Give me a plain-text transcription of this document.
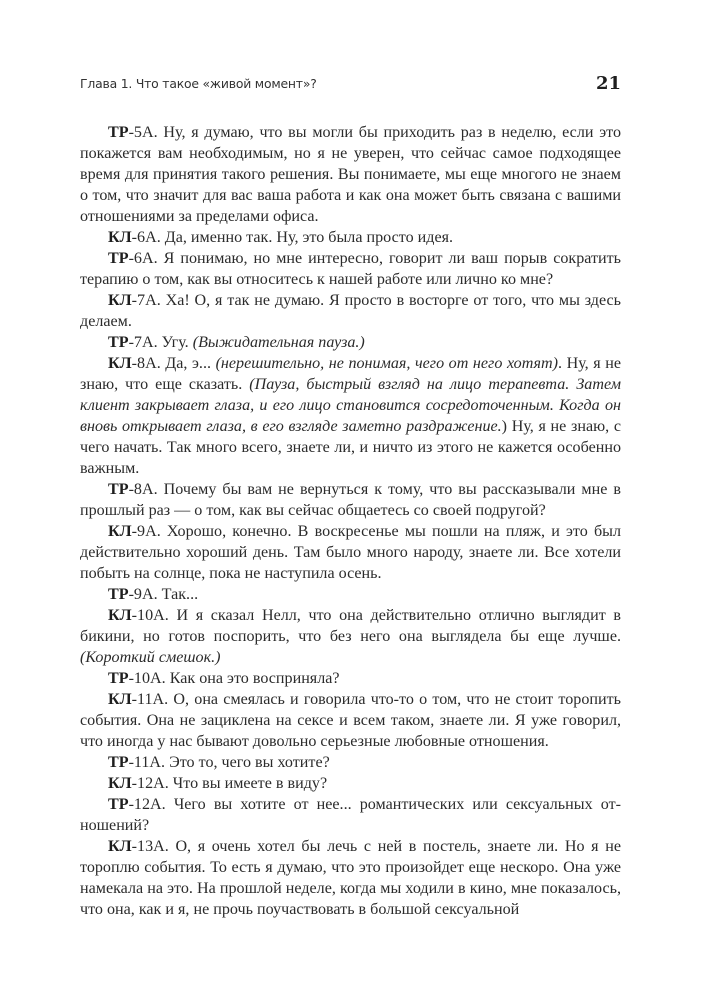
Глава 1. Что такое «живой момент»?	21

ТР-5А. Ну, я думаю, что вы могли бы приходить раз в неделю, если это покажется вам необходимым, но я не уверен, что сейчас самое подходящее время для принятия такого решения. Вы понимаете, мы еще многого не знаем о том, что значит для вас ваша работа и как она может быть связана с вашими отношениями за пределами офиса.

КЛ-6А. Да, именно так. Ну, это была просто идея.

ТР-6А. Я понимаю, но мне интересно, говорит ли ваш порыв сократить терапию о том, как вы относитесь к нашей работе или лично ко мне?

КЛ-7А. Ха! О, я так не думаю. Я просто в восторге от того, что мы здесь делаем.

ТР-7А. Угу. (Выжидательная пауза.)

КЛ-8А. Да, э... (нерешительно, не понимая, чего от него хотят). Ну, я не знаю, что еще сказать. (Пауза, быстрый взгляд на лицо терапевта. Затем клиент закрывает глаза, и его лицо становится сосредоточенным. Когда он вновь открывает глаза, в его взгляде заметно раздражение.) Ну, я не знаю, с чего начать. Так много всего, знаете ли, и ничто из этого не кажется особенно важным.

ТР-8А. Почему бы вам не вернуться к тому, что вы рассказывали мне в прошлый раз — о том, как вы сейчас общаетесь со своей подругой?

КЛ-9А. Хорошо, конечно. В воскресенье мы пошли на пляж, и это был действительно хороший день. Там было много народу, знаете ли. Все хотели побыть на солнце, пока не наступила осень.

ТР-9А. Так...

КЛ-10А. И я сказал Нелл, что она действительно отлично выглядит в бикини, но готов поспорить, что без него она выглядела бы еще лучше. (Короткий смешок.)

ТР-10А. Как она это восприняла?

КЛ-11А. О, она смеялась и говорила что-то о том, что не стоит торопить события. Она не зациклена на сексе и всем таком, знаете ли. Я уже говорил, что иногда у нас бывают довольно серьезные любовные отношения.

ТР-11А. Это то, чего вы хотите?

КЛ-12А. Что вы имеете в виду?

ТР-12А. Чего вы хотите от нее... романтических или сексуальных отношений?

КЛ-13А. О, я очень хотел бы лечь с ней в постель, знаете ли. Но я не тороплю события. То есть я думаю, что это произойдет еще нескоро. Она уже намекала на это. На прошлой неделе, когда мы ходили в кино, мне показалось, что она, как и я, не прочь поучаствовать в большой сексуальной
